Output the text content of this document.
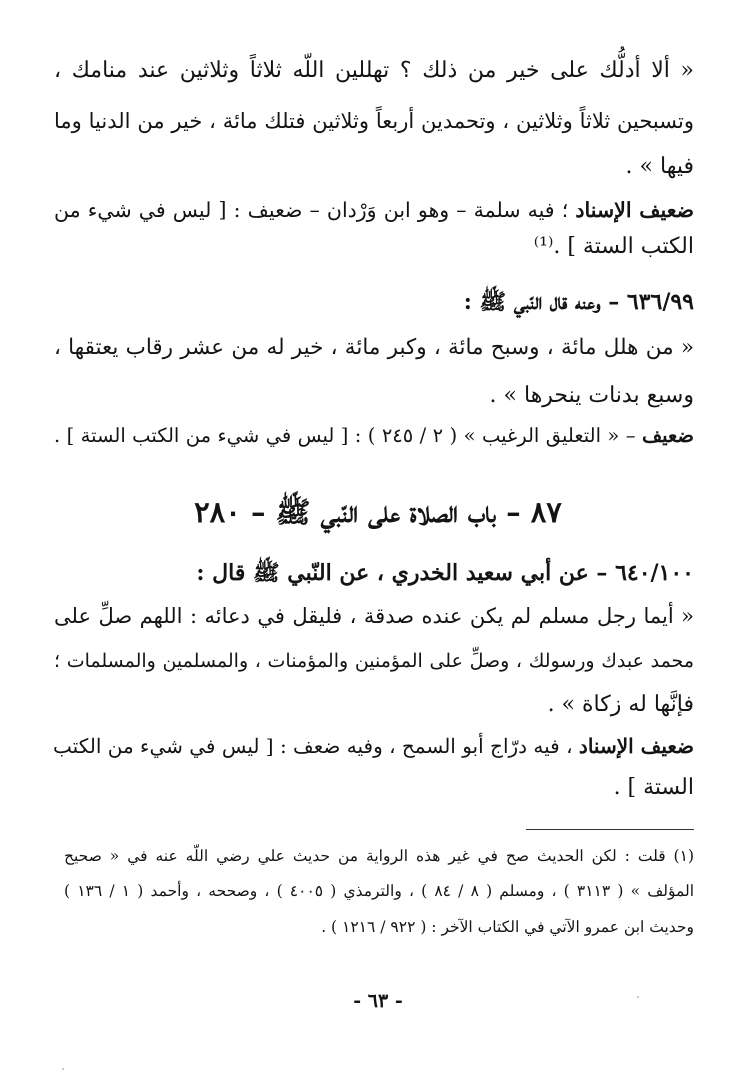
« ألا أدلُّك على خير من ذلك ؟ تهللين اللّه ثلاثاً وثلاثين عند منامك ،
وتسبحين ثلاثاً وثلاثين ، وتحمدين أربعاً وثلاثين فتلك مائة ، خير من الدنيا وما
فيها » .
ضعيف الإسناد ؛ فيه سلمة – وهو ابن وَرْدان – ضعيف : [ ليس في شيء من
الكتب الستة ] .⁽¹⁾
٦٣٦/٩٩ – وعنه قال النّبي ﷺ :
« من هلل مائة ، وسبح مائة ، وكبر مائة ، خير له من عشر رقاب يعتقها ،
وسبع بدنات ينحرها » .
ضعيف – « التعليق الرغيب » ( ٢ / ٢٤٥ ) : [ ليس في شيء من الكتب الستة ] .
٨٧ – باب الصلاة على النّبي ﷺ – ٢٨٠
٦٤٠/١٠٠ – عن أبي سعيد الخدري ، عن النّبي ﷺ قال :
« أيما رجل مسلم لم يكن عنده صدقة ، فليقل في دعائه : اللهم صلِّ على
محمد عبدك ورسولك ، وصلِّ على المؤمنين والمؤمنات ، والمسلمين والمسلمات ؛
فإنَّها له زكاة » .
ضعيف الإسناد ، فيه درّاج أبو السمح ، وفيه ضعف : [ ليس في شيء من الكتب
الستة ] .
(١) قلت : لكن الحديث صح في غير هذه الرواية من حديث علي رضي اللّه عنه في « صحيح
المؤلف » ( ٣١١٣ ) ، ومسلم ( ٨ / ٨٤ ) ، والترمذي ( ٤٠٠٥ ) ، وصححه ، وأحمد ( ١ / ١٣٦ )
وحديث ابن عمرو الآتي في الكتاب الآخر : ( ٩٢٢ / ١٢١٦ ) .
- ٦٣ -
